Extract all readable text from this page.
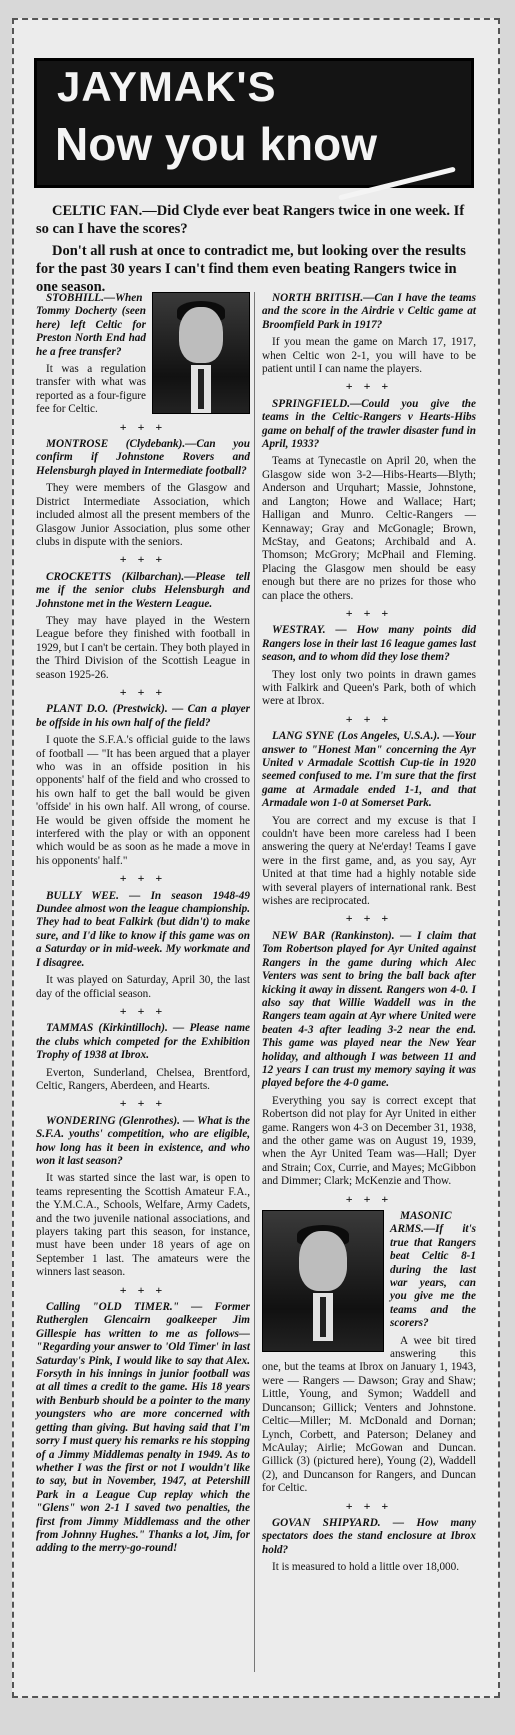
JAYMAK'S
Now you know

CELTIC FAN.—Did Clyde ever beat Rangers twice in one week. If so can I have the scores?

Don't all rush at once to contradict me, but looking over the results for the past 30 years I can't find them even beating Rangers twice in one season.

STOBHILL.—When Tommy Docherty (seen here) left Celtic for Preston North End had he a free transfer?

It was a regulation transfer with what was reported as a four-figure fee for Celtic.

+ + +

MONTROSE (Clydebank).—Can you confirm if Johnstone Rovers and Helensburgh played in Intermediate football?

They were members of the Glasgow and District Intermediate Association, which included almost all the present members of the Glasgow Junior Association, plus some other clubs in dispute with the seniors.

+ + +

CROCKETTS (Kilbarchan).—Please tell me if the senior clubs Helensburgh and Johnstone met in the Western League.

They may have played in the Western League before they finished with football in 1929, but I can't be certain. They both played in the Third Division of the Scottish League in season 1925-26.

+ + +

PLANT D.O. (Prestwick). — Can a player be offside in his own half of the field?

I quote the S.F.A.'s official guide to the laws of football — "It has been argued that a player who was in an offside position in his opponents' half of the field and who crossed to his own half to get the ball would be given 'offside' in his own half. All wrong, of course. He would be given offside the moment he interfered with the play or with an opponent which would be as soon as he made a move in his opponents' half."

+ + +

BULLY WEE. — In season 1948-49 Dundee almost won the league championship. They had to beat Falkirk (but didn't) to make sure, and I'd like to know if this game was on a Saturday or in mid-week. My workmate and I disagree.

It was played on Saturday, April 30, the last day of the official season.

+ + +

TAMMAS (Kirkintilloch). — Please name the clubs which competed for the Exhibition Trophy of 1938 at Ibrox.

Everton, Sunderland, Chelsea, Brentford, Celtic, Rangers, Aberdeen, and Hearts.

+ + +

WONDERING (Glenrothes). — What is the S.F.A. youths' competition, who are eligible, how long has it been in existence, and who won it last season?

It was started since the last war, is open to teams representing the Scottish Amateur F.A., the Y.M.C.A., Schools, Welfare, Army Cadets, and the two juvenile national associations, and players taking part this season, for instance, must have been under 18 years of age on September 1 last. The amateurs were the winners last season.

+ + +

Calling "OLD TIMER." — Former Rutherglen Glencairn goalkeeper Jim Gillespie has written to me as follows— "Regarding your answer to 'Old Timer' in last Saturday's Pink, I would like to say that Alex. Forsyth in his innings in junior football was at all times a credit to the game. His 18 years with Benburb should be a pointer to the many youngsters who are more concerned with getting than giving. But having said that I'm sorry I must query his remarks re his stopping of a Jimmy Middlemas penalty in 1949. As to whether I was the first or not I wouldn't like to say, but in November, 1947, at Petershill Park in a League Cup replay which the "Glens" won 2-1 I saved two penalties, the first from Jimmy Middlemass and the other from Johnny Hughes." Thanks a lot, Jim, for adding to the merry-go-round!

NORTH BRITISH.—Can I have the teams and the score in the Airdrie v Celtic game at Broomfield Park in 1917?

If you mean the game on March 17, 1917, when Celtic won 2-1, you will have to be patient until I can name the players.

+ + +

SPRINGFIELD.—Could you give the teams in the Celtic-Rangers v Hearts-Hibs game on behalf of the trawler disaster fund in April, 1933?

Teams at Tynecastle on April 20, when the Glasgow side won 3-2—Hibs-Hearts—Blyth; Anderson and Urquhart; Massie, Johnstone, and Langton; Howe and Wallace; Hart; Halligan and Munro. Celtic-Rangers — Kennaway; Gray and McGonagle; Brown, McStay, and Geatons; Archibald and A. Thomson; McGrory; McPhail and Fleming. Placing the Glasgow men should be easy enough but there are no prizes for those who can place the others.

+ + +

WESTRAY. — How many points did Rangers lose in their last 16 league games last season, and to whom did they lose them?

They lost only two points in drawn games with Falkirk and Queen's Park, both of which were at Ibrox.

+ + +

LANG SYNE (Los Angeles, U.S.A.). —Your answer to "Honest Man" concerning the Ayr United v Armadale Scottish Cup-tie in 1920 seemed confused to me. I'm sure that the first game at Armadale ended 1-1, and that Armadale won 1-0 at Somerset Park.

You are correct and my excuse is that I couldn't have been more careless had I been answering the query at Ne'erday! Teams I gave were in the first game, and, as you say, Ayr United at that time had a highly notable side with several players of international rank. Best wishes are reciprocated.

+ + +

NEW BAR (Rankinston). — I claim that Tom Robertson played for Ayr United against Rangers in the game during which Alec Venters was sent to bring the ball back after kicking it away in dissent. Rangers won 4-0. I also say that Willie Waddell was in the Rangers team again at Ayr where United were beaten 4-3 after leading 3-2 near the end. This game was played near the New Year holiday, and although I was between 11 and 12 years I can trust my memory saying it was played before the 4-0 game.

Everything you say is correct except that Robertson did not play for Ayr United in either game. Rangers won 4-3 on December 31, 1938, and the other game was on August 19, 1939, when the Ayr United Team was—Hall; Dyer and Strain; Cox, Currie, and Mayes; McGibbon and Dimmer; Clark; McKenzie and Thow.

+ + +

MASONIC ARMS.—If it's true that Rangers beat Celtic 8-1 during the last war years, can you give me the teams and the scorers?

A wee bit tired answering this one, but the teams at Ibrox on January 1, 1943, were — Rangers — Dawson; Gray and Shaw; Little, Young, and Symon; Waddell and Duncanson; Gillick; Venters and Johnstone. Celtic—Miller; M. McDonald and Dornan; Lynch, Corbett, and Paterson; Delaney and McAulay; Airlie; McGowan and Duncan. Gillick (3) (pictured here), Young (2), Waddell (2), and Duncanson for Rangers, and Duncan for Celtic.

+ + +

GOVAN SHIPYARD. — How many spectators does the stand enclosure at Ibrox hold?

It is measured to hold a little over 18,000.
